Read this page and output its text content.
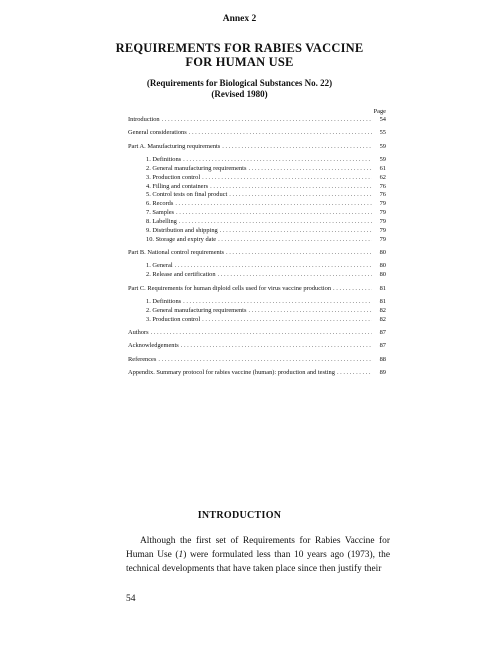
Annex 2
REQUIREMENTS FOR RABIES VACCINE
FOR HUMAN USE
(Requirements for Biological Substances No. 22)
(Revised 1980)
Page
Introduction . . .	54
General considerations . . .	55
Part A. Manufacturing requirements . . .	59
1. Definitions . . .	59
2. General manufacturing requirements . . .	61
3. Production control . . .	62
4. Filling and containers . . .	76
5. Control tests on final product . . .	76
6. Records . . .	79
7. Samples . . .	79
8. Labelling . . .	79
9. Distribution and shipping . . .	79
10. Storage and expiry date . . .	79
Part B. National control requirements . . .	80
1. General . . .	80
2. Release and certification . . .	80
Part C. Requirements for human diploid cells used for virus vaccine production . . .	81
1. Definitions . . .	81
2. General manufacturing requirements . . .	82
3. Production control . . .	82
Authors . . .	87
Acknowledgements . . .	87
References . . .	88
Appendix. Summary protocol for rabies vaccine (human): production and testing . . .	89
INTRODUCTION
Although the first set of Requirements for Rabies Vaccine for Human Use (1) were formulated less than 10 years ago (1973), the technical developments that have taken place since then justify their
54
